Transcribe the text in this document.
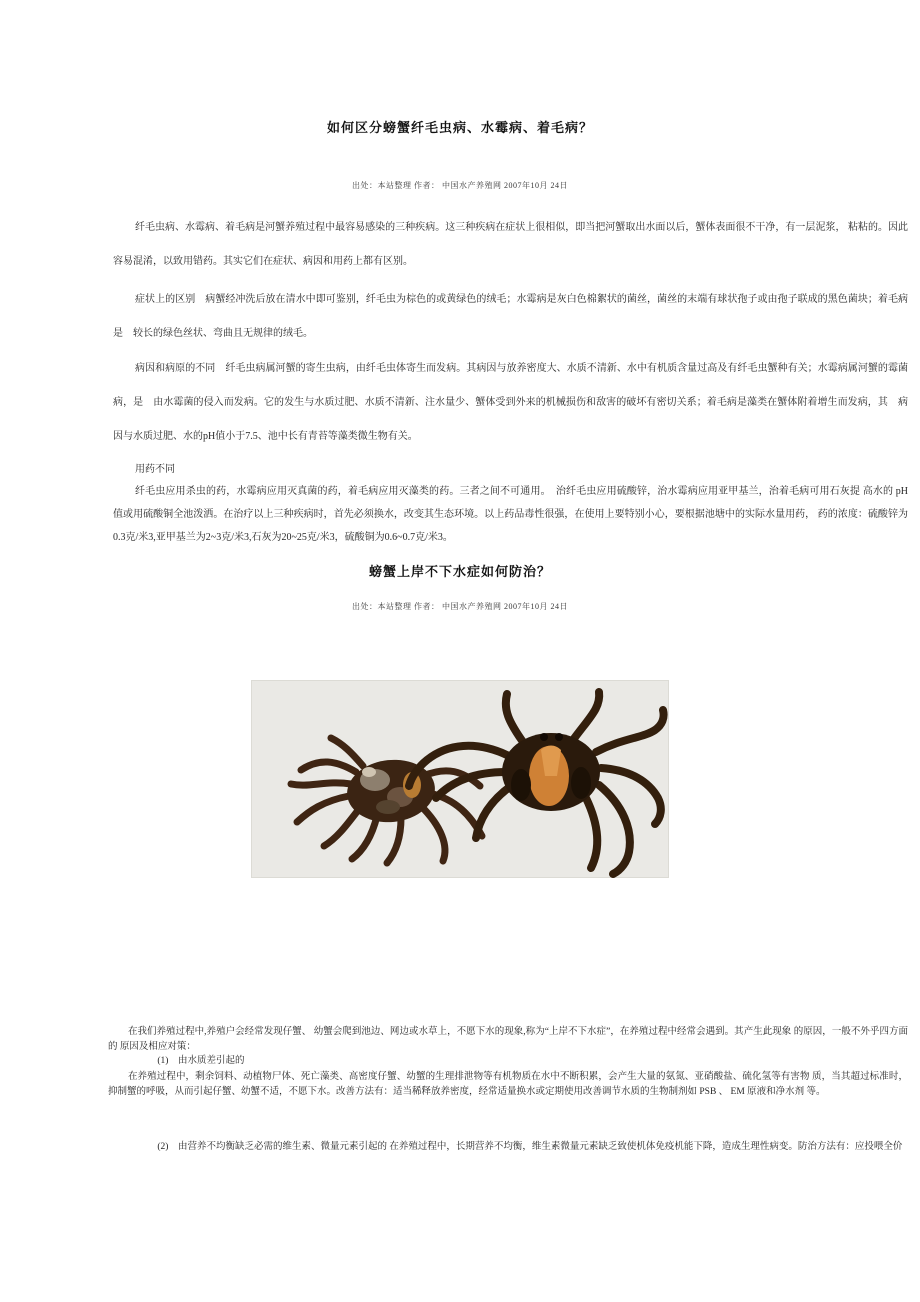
如何区分螃蟹纤毛虫病、水霉病、着毛病？
出处：本站整理 作者： 中国水产养殖网 2007年10月 24日

纤毛虫病、水霉病、着毛病是河蟹养殖过程中最容易感染的三种疾病。这三种疾病在症状上很相似，即当把河蟹取出水面以后，蟹体表面很不干净，有一层泥浆， 粘粘的。因此容易混淆，以致用错药。其实它们在症状、病因和用药上都有区别。

症状上的区别　病蟹经冲洗后放在清水中即可鉴别，纤毛虫为棕色的或黄绿色的绒毛；水霉病是灰白色棉絮状的菌丝，菌丝的末端有球状孢子或由孢子联成的黑色菌块；着毛病是　较长的绿色丝状、弯曲且无规律的绒毛。

病因和病原的不同　纤毛虫病属河蟹的寄生虫病，由纤毛虫体寄生而发病。其病因与放养密度大、水质不清新、水中有机质含量过高及有纤毛虫蟹种有关；水霉病属河蟹的霉菌病，是　由水霉菌的侵入而发病。它的发生与水质过肥、水质不清新、注水量少、蟹体受到外来的机械损伤和敌害的破坏有密切关系；着毛病是藻类在蟹体附着增生而发病，其　病因与水质过肥、水的pH值小于7.5、池中长有青苔等藻类微生物有关。

用药不同

纤毛虫应用杀虫的药，水霉病应用灭真菌的药，着毛病应用灭藻类的药。三者之间不可通用。　治纤毛虫应用硫酸锌，治水霉病应用亚甲基兰，治着毛病可用石灰提 高水的 pH 值或用硫酸铜全池泼洒。在治疗以上三种疾病时，首先必须换水，改变其生态环境。以上药品毒性很强，在使用上要特别小心，要根据池塘中的实际水量用药， 药的浓度：硫酸锌为0.3克/米3,亚甲基兰为2~3克/米3,石灰为20~25克/米3，硫酸铜为0.6~0.7克/米3。

螃蟹上岸不下水症如何防治？
出处：本站整理 作者： 中国水产养殖网 2007年10月 24日

在我们养殖过程中,养殖户会经常发现仔蟹、 幼蟹会爬到池边、网边或水草上，不愿下水的现象,称为“上岸不下水症”，在养殖过程中经常会遇到。其产生此现象 的原因，一般不外乎四方面的 原因及相应对策：

(1)　由水质差引起的

在养殖过程中，剩余饲料、动植物尸体、死亡藻类、高密度仔蟹、幼蟹的生理排泄物等有机物质在水中不断积累，会产生大量的氨氮、亚硝酸盐、硫化氢等有害物 质，当其超过标准时，抑制蟹的呼吸，从而引起仔蟹、幼蟹不适，不愿下水。改善方法有：适当稀释放养密度，经常适量换水或定期使用改善调节水质的生物制剂如 PSB 、 EM 原液和净水剂 等。

(2)　由营养不均衡缺乏必需的维生素、微量元素引起的 在养殖过程中，长期营养不均衡，维生素微量元素缺乏致使机体免疫机能下降，造成生理性病变。防治方法有：应投喂全价
